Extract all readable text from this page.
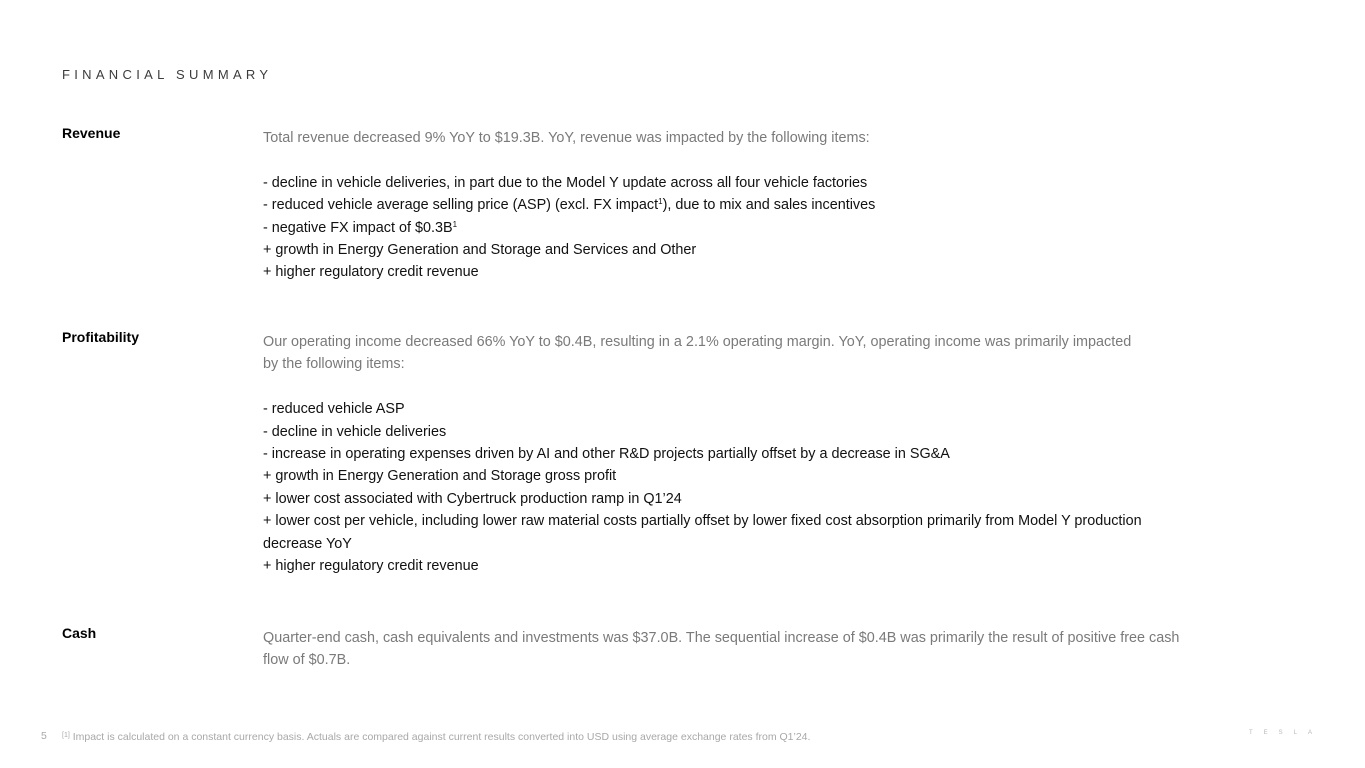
FINANCIAL SUMMARY
Revenue	Total revenue decreased 9% YoY to $19.3B. YoY, revenue was impacted by the following items:

- decline in vehicle deliveries, in part due to the Model Y update across all four vehicle factories
- reduced vehicle average selling price (ASP) (excl. FX impact$^1$), due to mix and sales incentives
- negative FX impact of $\$0.3B^1$
+ growth in Energy Generation and Storage and Services and Other
+ higher regulatory credit revenue
Profitability	Our operating income decreased 66% YoY to $0.4B, resulting in a 2.1% operating margin. YoY, operating income was primarily impacted by the following items:

- reduced vehicle ASP
- decline in vehicle deliveries
- increase in operating expenses driven by AI and other R&D projects partially offset by a decrease in SG&A
+ growth in Energy Generation and Storage gross profit
+ lower cost associated with Cybertruck production ramp in Q1’24
+ lower cost per vehicle, including lower raw material costs partially offset by lower fixed cost absorption primarily from Model Y production decrease YoY
+ higher regulatory credit revenue
Cash	Quarter-end cash, cash equivalents and investments was $37.0B. The sequential increase of $0.4B was primarily the result of positive free cash flow of $0.7B.

5 [1] Impact is calculated on a constant currency basis. Actuals are compared against current results converted into USD using average exchange rates from Q1’24.	TESLA
